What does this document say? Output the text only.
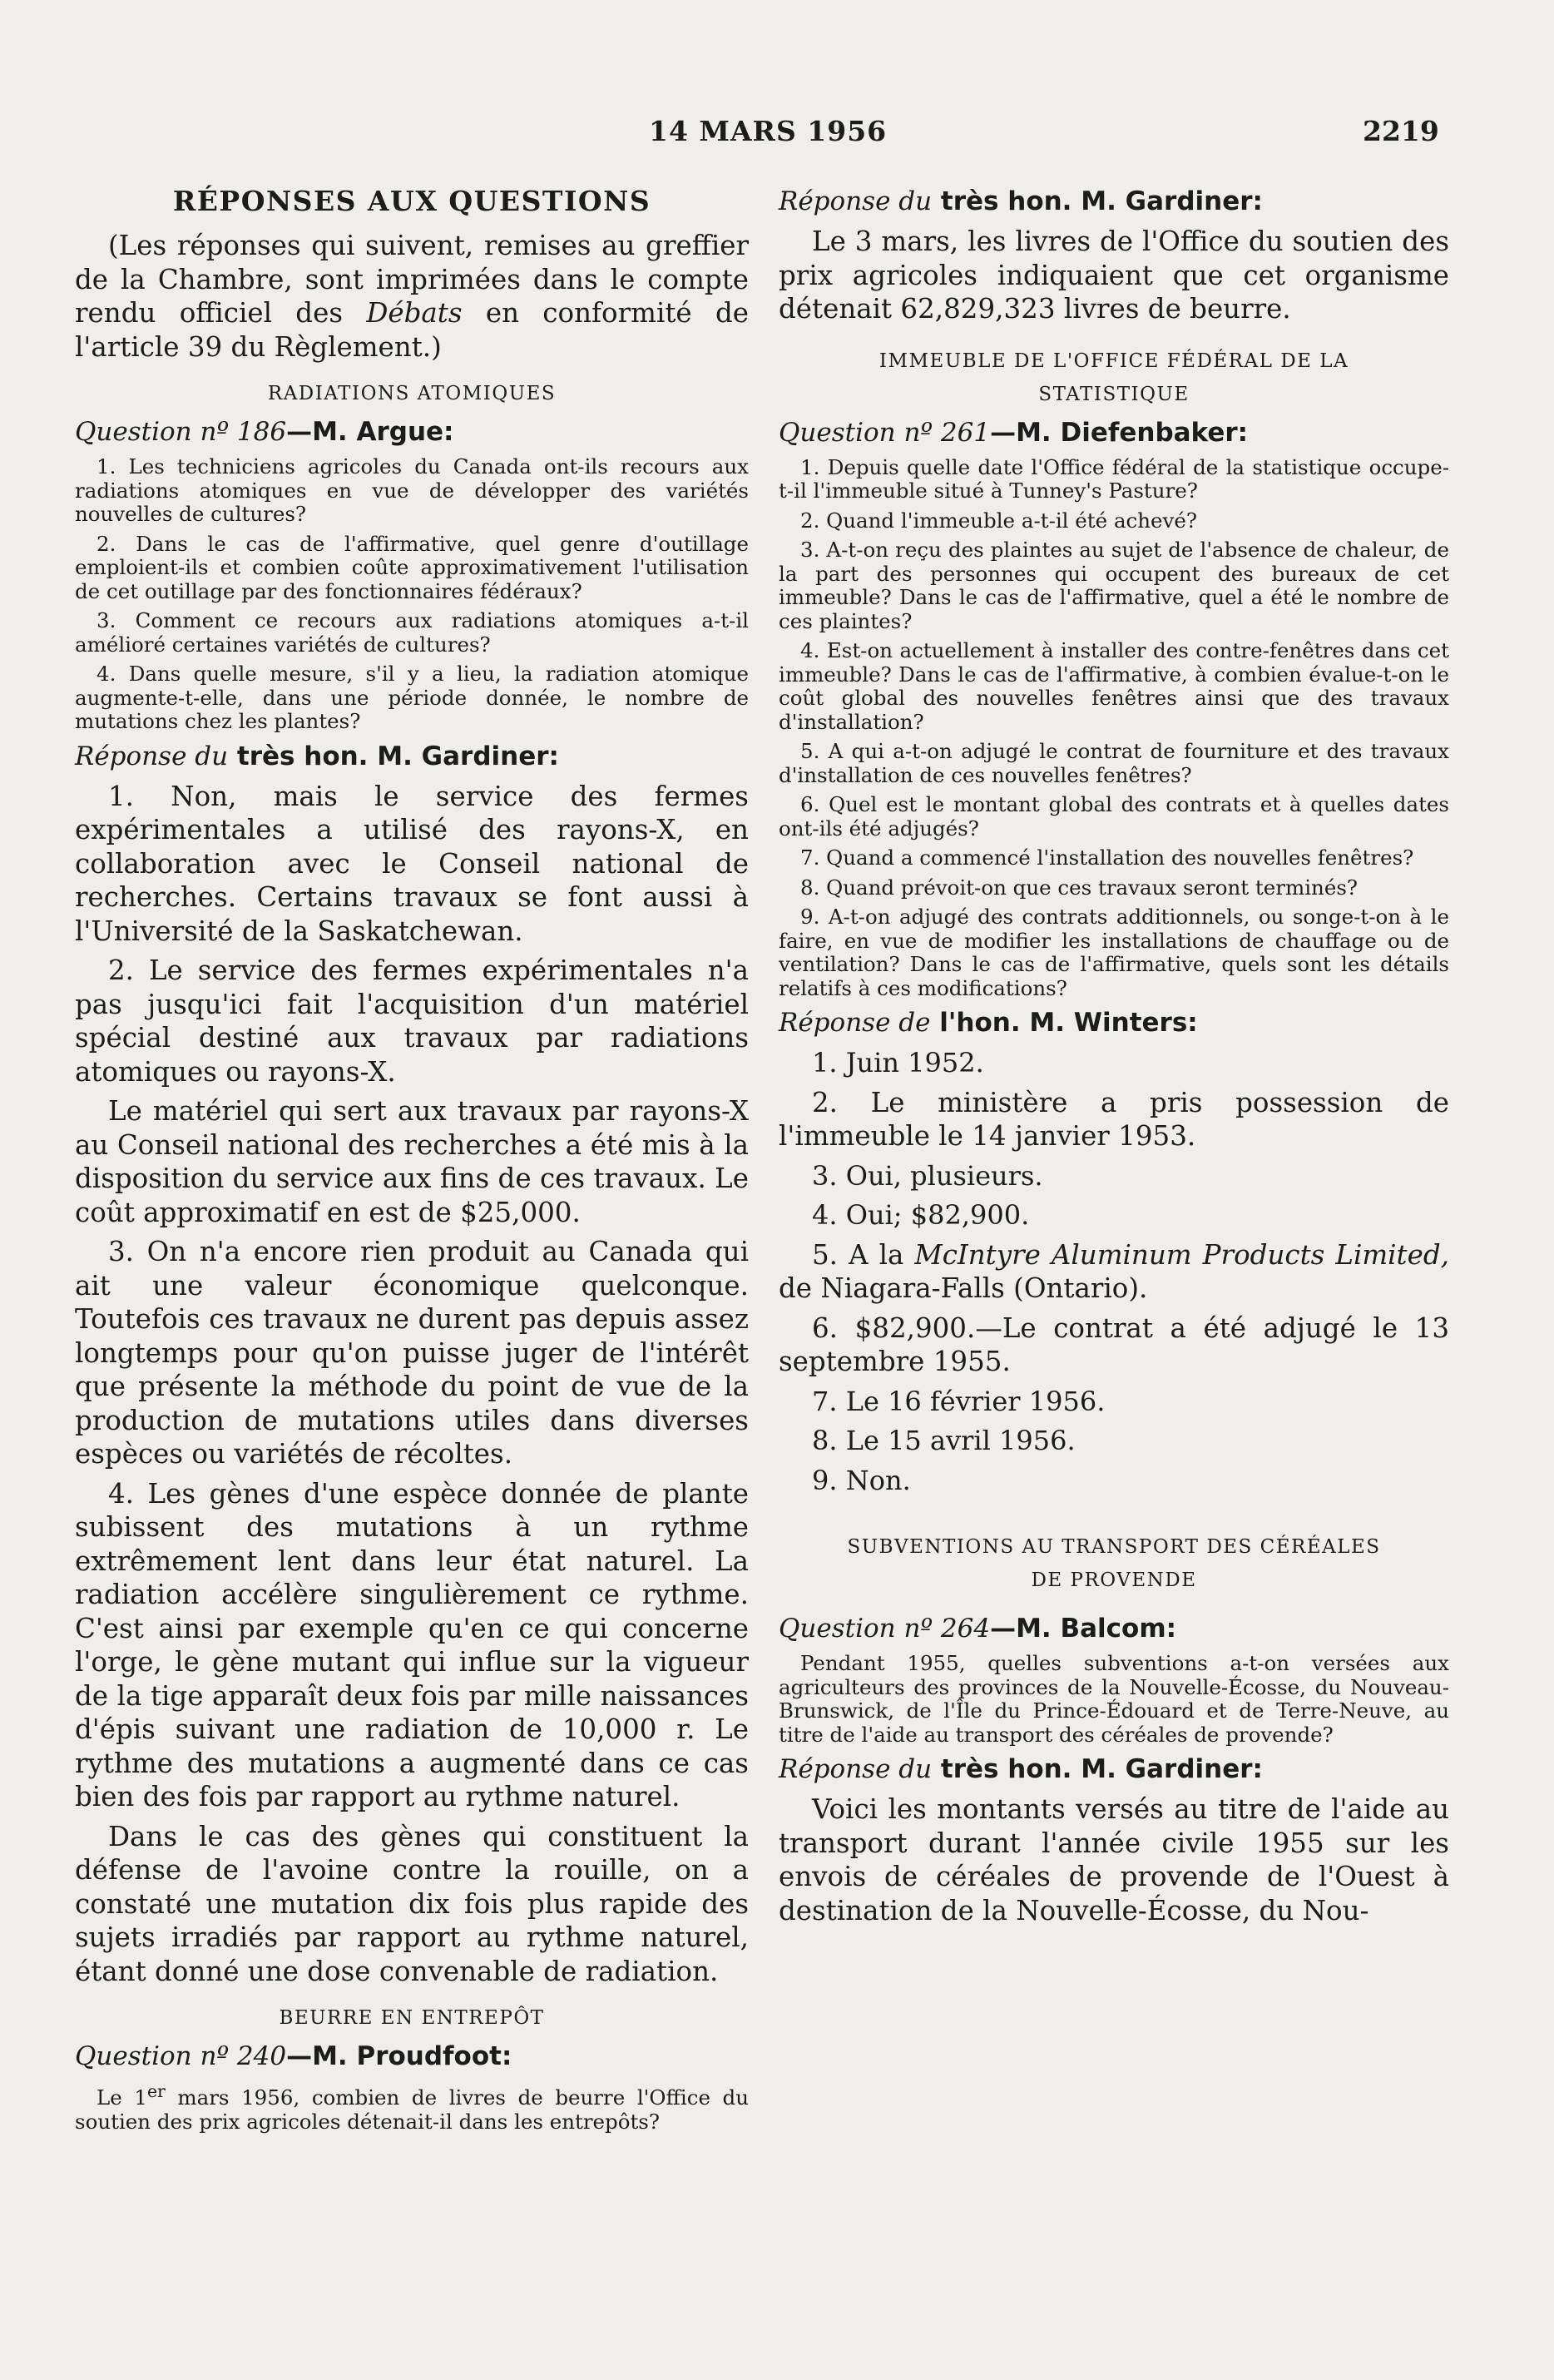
14 MARS 1956	2219

RÉPONSES AUX QUESTIONS

(Les réponses qui suivent, remises au greffier de la Chambre, sont imprimées dans le compte rendu officiel des Débats en conformité de l'article 39 du Règlement.)

RADIATIONS ATOMIQUES

Question nº 186—M. Argue:

1. Les techniciens agricoles du Canada ont-ils recours aux radiations atomiques en vue de développer des variétés nouvelles de cultures?

2. Dans le cas de l'affirmative, quel genre d'outillage emploient-ils et combien coûte approximativement l'utilisation de cet outillage par des fonctionnaires fédéraux?

3. Comment ce recours aux radiations atomiques a-t-il amélioré certaines variétés de cultures?

4. Dans quelle mesure, s'il y a lieu, la radiation atomique augmente-t-elle, dans une période donnée, le nombre de mutations chez les plantes?

Réponse du très hon. M. Gardiner:

1. Non, mais le service des fermes expérimentales a utilisé des rayons-X, en collaboration avec le Conseil national de recherches. Certains travaux se font aussi à l'Université de la Saskatchewan.

2. Le service des fermes expérimentales n'a pas jusqu'ici fait l'acquisition d'un matériel spécial destiné aux travaux par radiations atomiques ou rayons-X.

Le matériel qui sert aux travaux par rayons-X au Conseil national des recherches a été mis à la disposition du service aux fins de ces travaux. Le coût approximatif en est de $25,000.

3. On n'a encore rien produit au Canada qui ait une valeur économique quelconque. Toutefois ces travaux ne durent pas depuis assez longtemps pour qu'on puisse juger de l'intérêt que présente la méthode du point de vue de la production de mutations utiles dans diverses espèces ou variétés de récoltes.

4. Les gènes d'une espèce donnée de plante subissent des mutations à un rythme extrêmement lent dans leur état naturel. La radiation accélère singulièrement ce rythme. C'est ainsi par exemple qu'en ce qui concerne l'orge, le gène mutant qui influe sur la vigueur de la tige apparaît deux fois par mille naissances d'épis suivant une radiation de 10,000 r. Le rythme des mutations a augmenté dans ce cas bien des fois par rapport au rythme naturel.

Dans le cas des gènes qui constituent la défense de l'avoine contre la rouille, on a constaté une mutation dix fois plus rapide des sujets irradiés par rapport au rythme naturel, étant donné une dose convenable de radiation.

BEURRE EN ENTREPÔT

Question nº 240—M. Proudfoot:

Le 1er mars 1956, combien de livres de beurre l'Office du soutien des prix agricoles détenait-il dans les entrepôts?

Réponse du très hon. M. Gardiner:

Le 3 mars, les livres de l'Office du soutien des prix agricoles indiquaient que cet organisme détenait 62,829,323 livres de beurre.

IMMEUBLE DE L'OFFICE FÉDÉRAL DE LA

STATISTIQUE

Question nº 261—M. Diefenbaker:

1. Depuis quelle date l'Office fédéral de la statistique occupe-t-il l'immeuble situé à Tunney's Pasture?

2. Quand l'immeuble a-t-il été achevé?

3. A-t-on reçu des plaintes au sujet de l'absence de chaleur, de la part des personnes qui occupent des bureaux de cet immeuble? Dans le cas de l'affirmative, quel a été le nombre de ces plaintes?

4. Est-on actuellement à installer des contre-fenêtres dans cet immeuble? Dans le cas de l'affirmative, à combien évalue-t-on le coût global des nouvelles fenêtres ainsi que des travaux d'installation?

5. A qui a-t-on adjugé le contrat de fourniture et des travaux d'installation de ces nouvelles fenêtres?

6. Quel est le montant global des contrats et à quelles dates ont-ils été adjugés?

7. Quand a commencé l'installation des nouvelles fenêtres?

8. Quand prévoit-on que ces travaux seront terminés?

9. A-t-on adjugé des contrats additionnels, ou songe-t-on à le faire, en vue de modifier les installations de chauffage ou de ventilation? Dans le cas de l'affirmative, quels sont les détails relatifs à ces modifications?

Réponse de l'hon. M. Winters:

1. Juin 1952.

2. Le ministère a pris possession de l'immeuble le 14 janvier 1953.

3. Oui, plusieurs.

4. Oui; $82,900.

5. A la McIntyre Aluminum Products Limited, de Niagara-Falls (Ontario).

6. $82,900.—Le contrat a été adjugé le 13 septembre 1955.

7. Le 16 février 1956.

8. Le 15 avril 1956.

9. Non.

SUBVENTIONS AU TRANSPORT DES CÉRÉALES

DE PROVENDE

Question nº 264—M. Balcom:

Pendant 1955, quelles subventions a-t-on versées aux agriculteurs des provinces de la Nouvelle-Écosse, du Nouveau-Brunswick, de l'Île du Prince-Édouard et de Terre-Neuve, au titre de l'aide au transport des céréales de provende?

Réponse du très hon. M. Gardiner:

Voici les montants versés au titre de l'aide au transport durant l'année civile 1955 sur les envois de céréales de provende de l'Ouest à destination de la Nouvelle-Écosse, du Nou-
